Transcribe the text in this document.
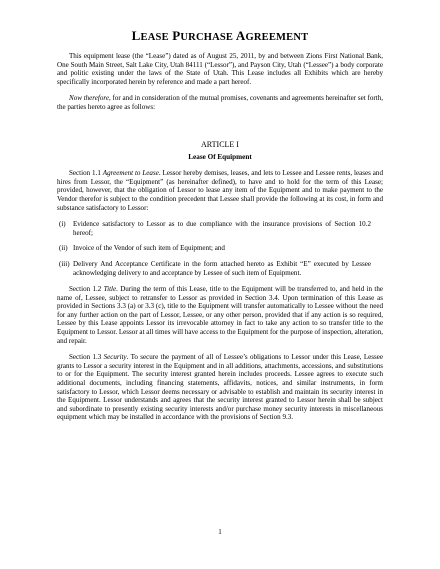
LEASE PURCHASE AGREEMENT

This equipment lease (the “Lease”) dated as of August 25, 2011, by and between Zions First National Bank, One South Main Street, Salt Lake City, Utah 84111 (“Lessor”), and Payson City, Utah (“Lessee”) a body corporate and politic existing under the laws of the State of Utah. This Lease includes all Exhibits which are hereby specifically incorporated herein by reference and made a part hereof.

Now therefore, for and in consideration of the mutual promises, covenants and agreements hereinafter set forth, the parties hereto agree as follows:

ARTICLE I

Lease Of Equipment

Section 1.1 Agreement to Lease. Lessor hereby demises, leases, and lets to Lessee and Lessee rents, leases and hires from Lessor, the “Equipment” (as hereinafter defined), to have and to hold for the term of this Lease; provided, however, that the obligation of Lessor to lease any item of the Equipment and to make payment to the Vendor therefor is subject to the condition precedent that Lessee shall provide the following at its cost, in form and substance satisfactory to Lessor:

(i)	Evidence satisfactory to Lessor as to due compliance with the insurance provisions of Section 10.2 hereof;
(ii) Invoice of the Vendor of such item of Equipment; and
(iii) Delivery And Acceptance Certificate in the form attached hereto as Exhibit “E” executed by Lessee acknowledging delivery to and acceptance by Lessee of such item of Equipment.

Section 1.2 Title. During the term of this Lease, title to the Equipment will be transferred to, and held in the name of, Lessee, subject to retransfer to Lessor as provided in Section 3.4. Upon termination of this Lease as provided in Sections 3.3 (a) or 3.3 (c), title to the Equipment will transfer automatically to Lessee without the need for any further action on the part of Lessor, Lessee, or any other person, provided that if any action is so required, Lessee by this Lease appoints Lessor its irrevocable attorney in fact to take any action to so transfer title to the Equipment to Lessor. Lessor at all times will have access to the Equipment for the purpose of inspection, alteration, and repair.

Section 1.3 Security. To secure the payment of all of Lessee’s obligations to Lessor under this Lease, Lessee grants to Lessor a security interest in the Equipment and in all additions, attachments, accessions, and substitutions to or for the Equipment. The security interest granted herein includes proceeds. Lessee agrees to execute such additional documents, including financing statements, affidavits, notices, and similar instruments, in form satisfactory to Lessor, which Lessor deems necessary or advisable to establish and maintain its security interest in the Equipment. Lessor understands and agrees that the security interest granted to Lessor herein shall be subject and subordinate to presently existing security interests and/or purchase money security interests in miscellaneous equipment which may be installed in accordance with the provisions of Section 9.3.

1
